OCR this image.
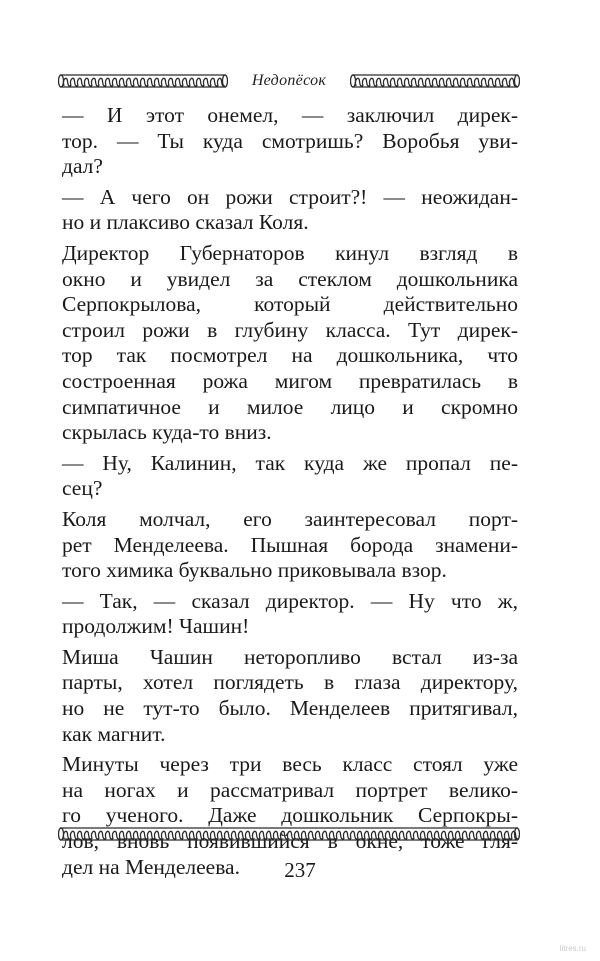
Недопёсок

— И этот онемел, — заключил дирек-
тор. — Ты куда смотришь? Воробья уви-
дал?

— А чего он рожи строит?! — неожидан-
но и плаксиво сказал Коля.

Директор Губернаторов кинул взгляд в
окно и увидел за стеклом дошкольника
Серпокрылова, который действительно
строил рожи в глубину класса. Тут дирек-
тор так посмотрел на дошкольника, что
состроенная рожа мигом превратилась в
симпатичное и милое лицо и скромно
скрылась куда-то вниз.

— Ну, Калинин, так куда же пропал пе-
сец?

Коля молчал, его заинтересовал порт-
рет Менделеева. Пышная борода знамени-
того химика буквально приковывала взор.

— Так, — сказал директор. — Ну что ж,
продолжим! Чашин!

Миша Чашин неторопливо встал из-за
парты, хотел поглядеть в глаза директору,
но не тут-то было. Менделеев притягивал,
как магнит.

Минуты через три весь класс стоял уже
на ногах и рассматривал портрет велико-
го ученого. Даже дошкольник Серпокры-
лов, вновь появившийся в окне, тоже гля-
дел на Менделеева.	237
litres.ru
